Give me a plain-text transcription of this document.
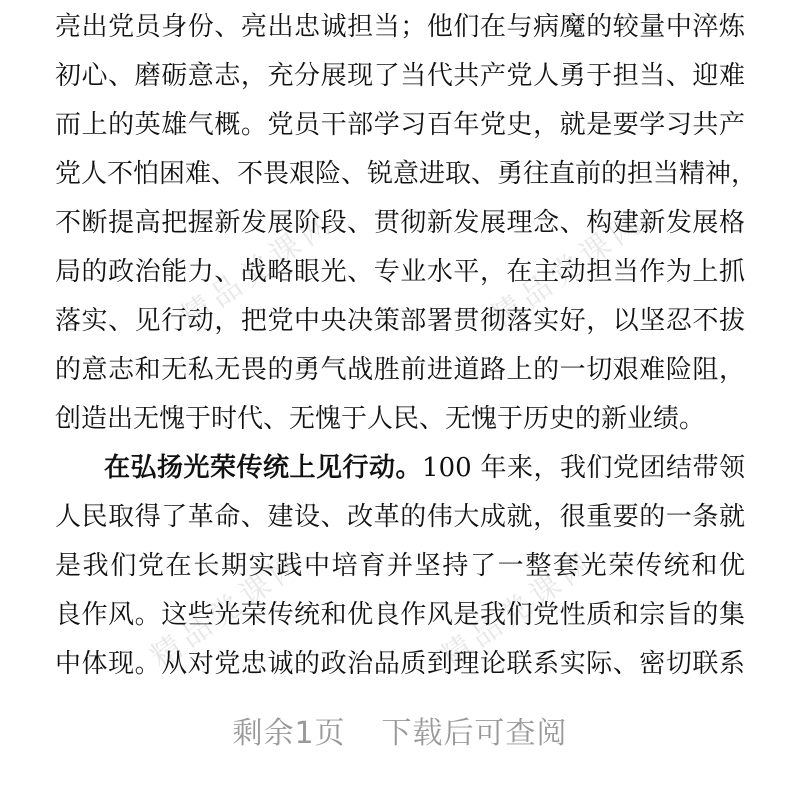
精品党课网	精品党课网
精品党课网	精品党课网
亮出党员身份、亮出忠诚担当；他们在与病魔的较量中淬炼
初心、磨砺意志，充分展现了当代共产党人勇于担当、迎难
而上的英雄气概。党员干部学习百年党史，就是要学习共产
党人不怕困难、不畏艰险、锐意进取、勇往直前的担当精神，
不断提高把握新发展阶段、贯彻新发展理念、构建新发展格
局的政治能力、战略眼光、专业水平，在主动担当作为上抓
落实、见行动，把党中央决策部署贯彻落实好，以坚忍不拔
的意志和无私无畏的勇气战胜前进道路上的一切艰难险阻，
创造出无愧于时代、无愧于人民、无愧于历史的新业绩。
在弘扬光荣传统上见行动。100 年来，我们党团结带领
人民取得了革命、建设、改革的伟大成就，很重要的一条就
是我们党在长期实践中培育并坚持了一整套光荣传统和优
良作风。这些光荣传统和优良作风是我们党性质和宗旨的集
中体现。从对党忠诚的政治品质到理论联系实际、密切联系
剩余1页 下载后可查阅
